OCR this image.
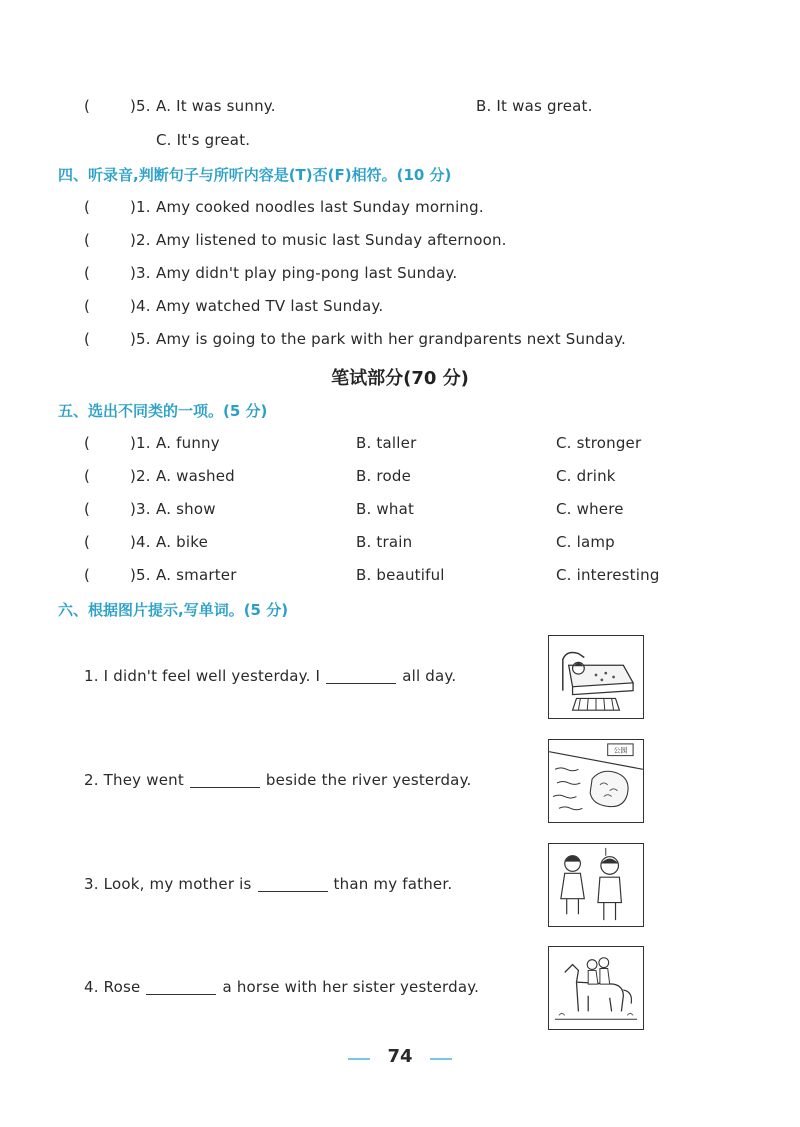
(	)5. A. It was sunny.	B. It was great.
C. It's great.
四、听录音,判断句子与所听内容是(T)否(F)相符。(10 分)
(	)1. Amy cooked noodles last Sunday morning.
(	)2. Amy listened to music last Sunday afternoon.
(	)3. Amy didn't play ping-pong last Sunday.
(	)4. Amy watched TV last Sunday.
(	)5. Amy is going to the park with her grandparents next Sunday.
笔试部分(70 分)
五、选出不同类的一项。(5 分)
(	)1. A. funny	B. taller	C. stronger
(	)2. A. washed	B. rode	C. drink
(	)3. A. show	B. what	C. where
(	)4. A. bike	B. train	C. lamp
(	)5. A. smarter	B. beautiful	C. interesting
六、根据图片提示,写单词。(5 分)
1. I didn't feel well yesterday. I	all day.
2. They went	beside the river yesterday.
公园
3. Look, my mother is	than my father.
4. Rose	a horse with her sister yesterday.
74
